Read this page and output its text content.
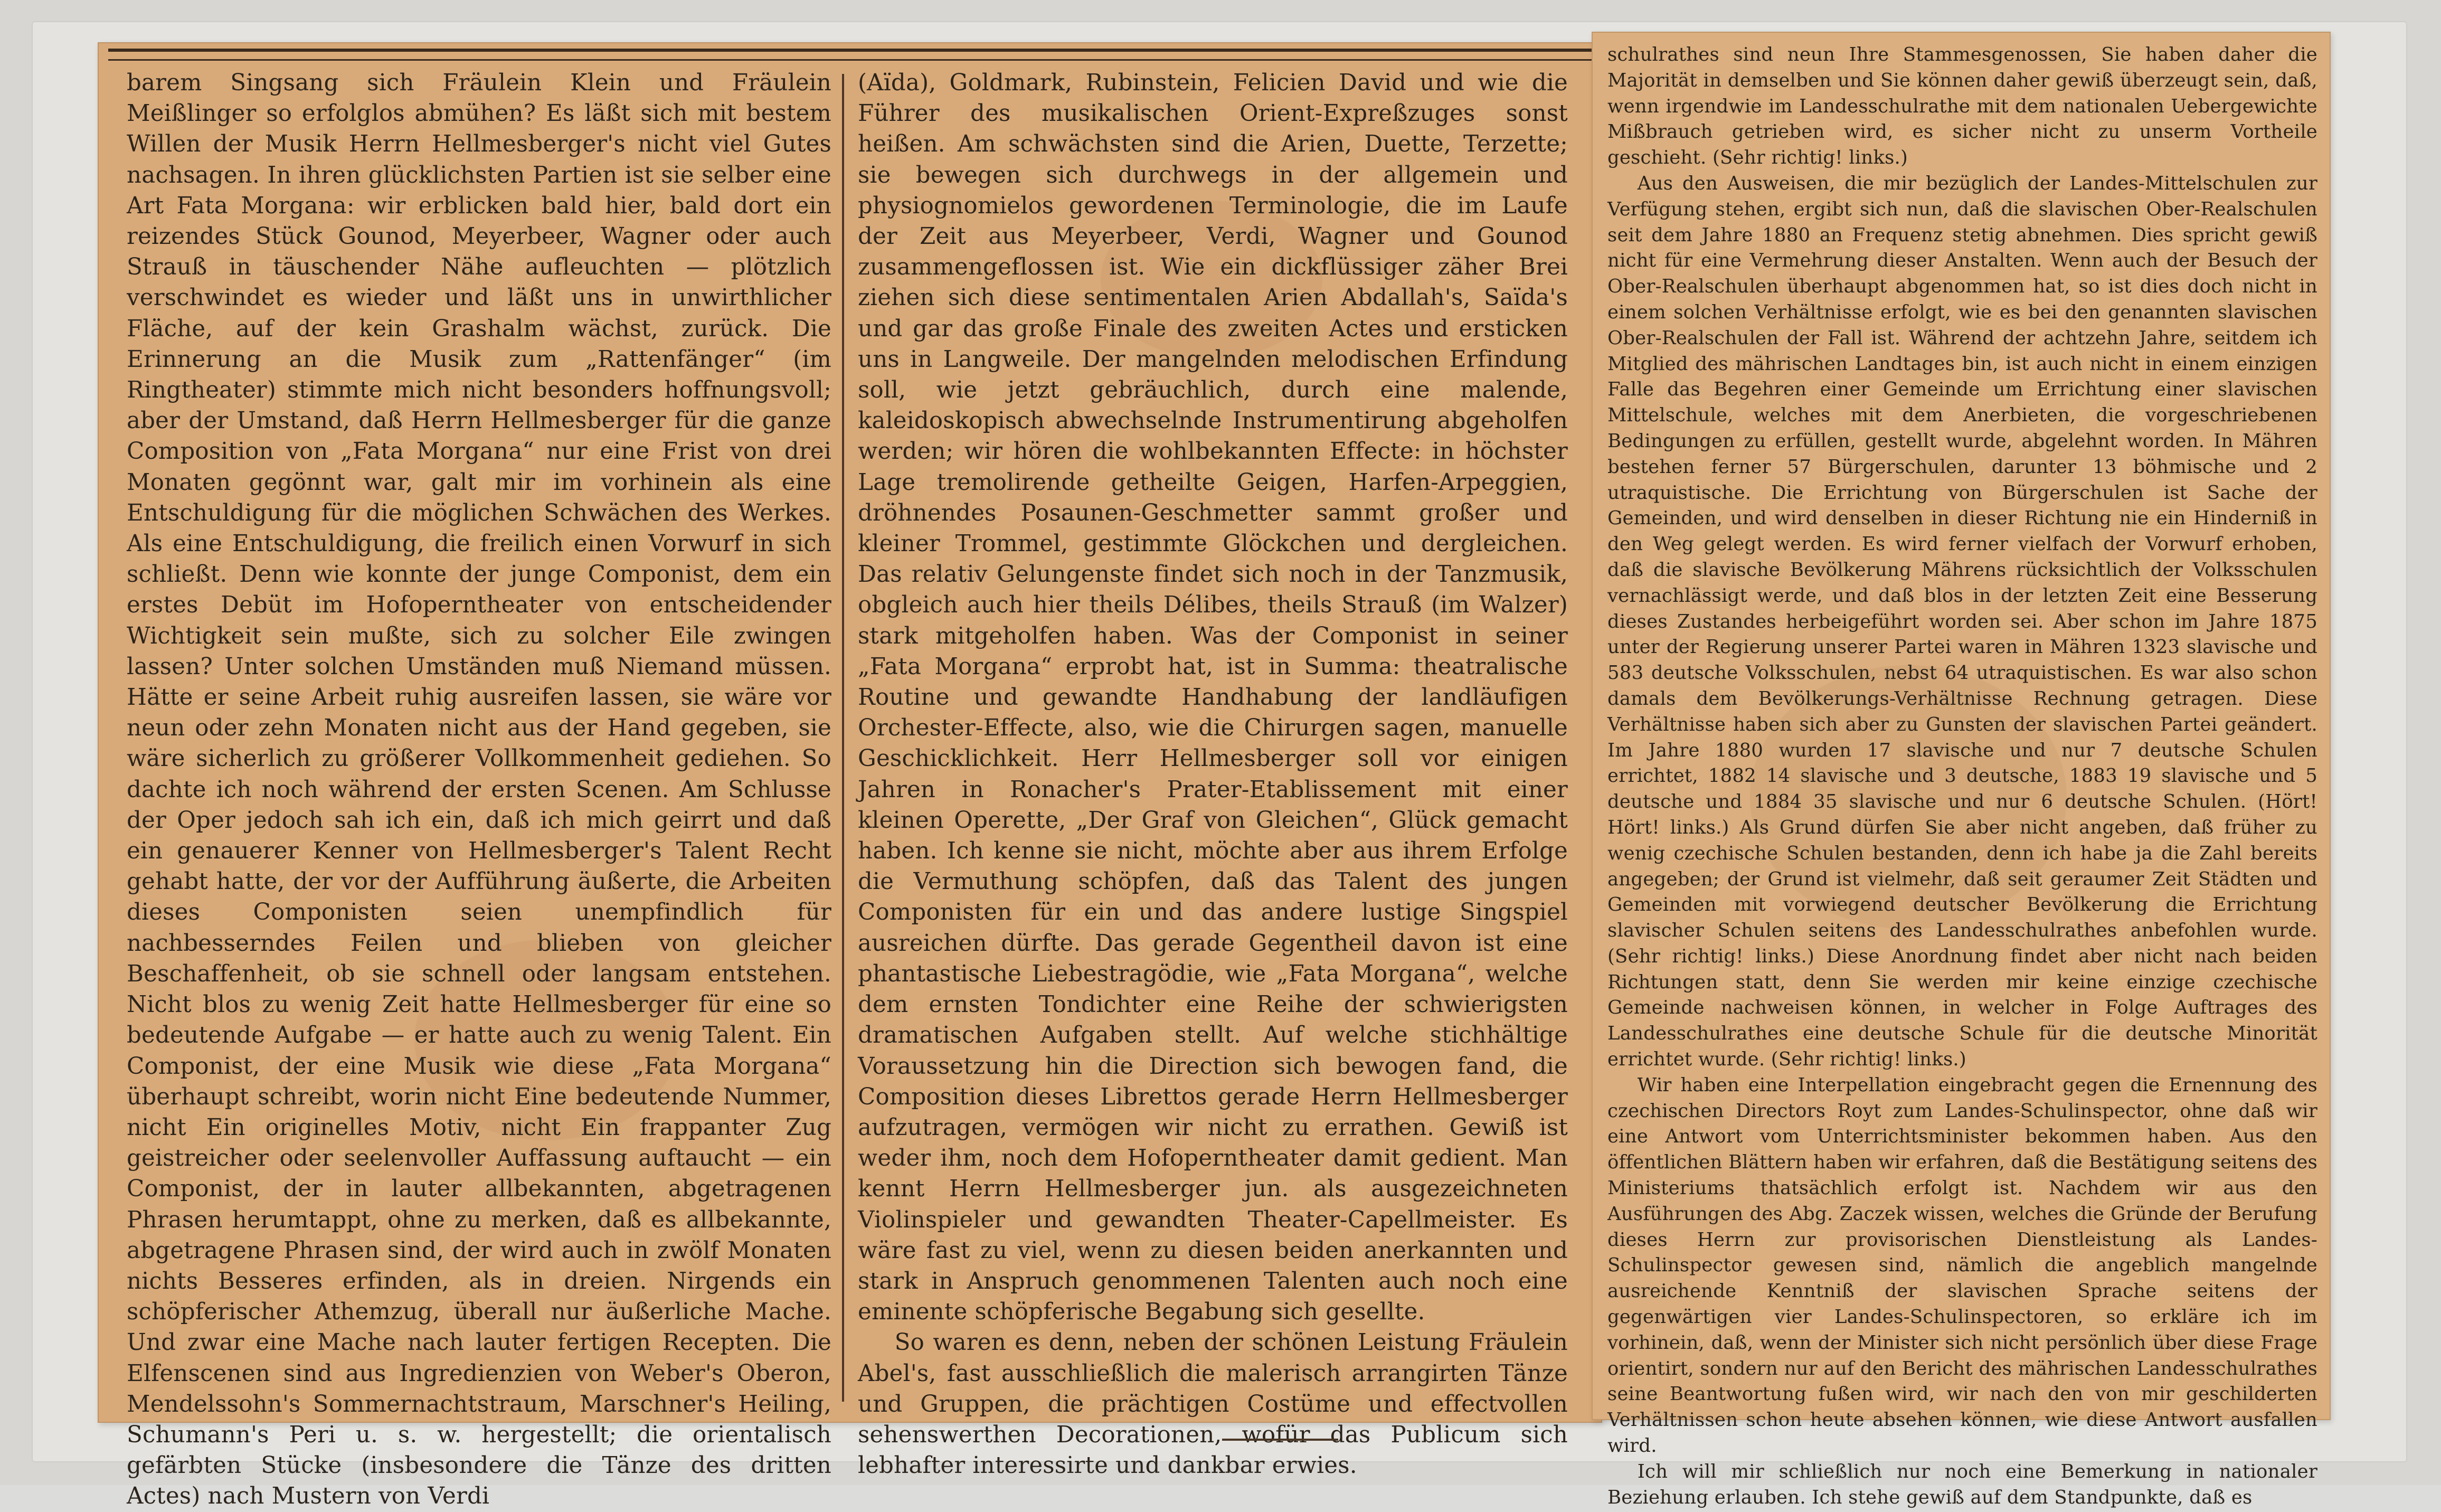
barem Singsang sich Fräulein Klein und Fräulein Meißlinger so erfolglos abmühen? Es läßt sich mit bestem Willen der Musik Herrn Hellmesberger's nicht viel Gutes nachsagen. In ihren glücklichsten Partien ist sie selber eine Art Fata Morgana: wir erblicken bald hier, bald dort ein reizendes Stück Gounod, Meyerbeer, Wagner oder auch Strauß in täuschender Nähe aufleuchten — plötzlich verschwindet es wieder und läßt uns in unwirthlicher Fläche, auf der kein Grashalm wächst, zurück. Die Erinnerung an die Musik zum „Rattenfänger“ (im Ringtheater) stimmte mich nicht besonders hoffnungsvoll; aber der Umstand, daß Herrn Hellmesberger für die ganze Composition von „Fata Morgana“ nur eine Frist von drei Monaten gegönnt war, galt mir im vorhinein als eine Entschuldigung für die möglichen Schwächen des Werkes. Als eine Entschuldigung, die freilich einen Vorwurf in sich schließt. Denn wie konnte der junge Componist, dem ein erstes Debüt im Hofoperntheater von entscheidender Wichtigkeit sein mußte, sich zu solcher Eile zwingen lassen? Unter solchen Umständen muß Niemand müssen. Hätte er seine Arbeit ruhig ausreifen lassen, sie wäre vor neun oder zehn Monaten nicht aus der Hand gegeben, sie wäre sicherlich zu größerer Vollkommenheit gediehen. So dachte ich noch während der ersten Scenen. Am Schlusse der Oper jedoch sah ich ein, daß ich mich geirrt und daß ein genauerer Kenner von Hellmesberger's Talent Recht gehabt hatte, der vor der Aufführung äußerte, die Arbeiten dieses Componisten seien unempfindlich für nachbesserndes Feilen und blieben von gleicher Beschaffenheit, ob sie schnell oder langsam entstehen. Nicht blos zu wenig Zeit hatte Hellmesberger für eine so bedeutende Aufgabe — er hatte auch zu wenig Talent. Ein Componist, der eine Musik wie diese „Fata Morgana“ überhaupt schreibt, worin nicht Eine bedeutende Nummer, nicht Ein originelles Motiv, nicht Ein frappanter Zug geistreicher oder seelenvoller Auffassung auftaucht — ein Componist, der in lauter allbekannten, abgetragenen Phrasen herumtappt, ohne zu merken, daß es allbekannte, abgetragene Phrasen sind, der wird auch in zwölf Monaten nichts Besseres erfinden, als in dreien. Nirgends ein schöpferischer Athemzug, überall nur äußerliche Mache. Und zwar eine Mache nach lauter fertigen Recepten. Die Elfenscenen sind aus Ingredienzien von Weber's Oberon, Mendelssohn's Sommernachtstraum, Marschner's Heiling, Schumann's Peri u. s. w. hergestellt; die orientalisch gefärbten Stücke (insbesondere die Tänze des dritten Actes) nach Mustern von Verdi

(Aïda), Goldmark, Rubinstein, Felicien David und wie die Führer des musikalischen Orient-Expreßzuges sonst heißen. Am schwächsten sind die Arien, Duette, Terzette; sie bewegen sich durchwegs in der allgemein und physiognomielos gewordenen Terminologie, die im Laufe der Zeit aus Meyerbeer, Verdi, Wagner und Gounod zusammengeflossen ist. Wie ein dickflüssiger zäher Brei ziehen sich diese sentimentalen Arien Abdallah's, Saïda's und gar das große Finale des zweiten Actes und ersticken uns in Langweile. Der mangelnden melodischen Erfindung soll, wie jetzt gebräuchlich, durch eine malende, kaleidoskopisch abwechselnde Instrumentirung abgeholfen werden; wir hören die wohlbekannten Effecte: in höchster Lage tremolirende getheilte Geigen, Harfen-Arpeggien, dröhnendes Posaunen-Geschmetter sammt großer und kleiner Trommel, gestimmte Glöckchen und dergleichen. Das relativ Gelungenste findet sich noch in der Tanzmusik, obgleich auch hier theils Délibes, theils Strauß (im Walzer) stark mitgeholfen haben. Was der Componist in seiner „Fata Morgana“ erprobt hat, ist in Summa: theatralische Routine und gewandte Handhabung der landläufigen Orchester-Effecte, also, wie die Chirurgen sagen, manuelle Geschicklichkeit. Herr Hellmesberger soll vor einigen Jahren in Ronacher's Prater-Etablissement mit einer kleinen Operette, „Der Graf von Gleichen“, Glück gemacht haben. Ich kenne sie nicht, möchte aber aus ihrem Erfolge die Vermuthung schöpfen, daß das Talent des jungen Componisten für ein und das andere lustige Singspiel ausreichen dürfte. Das gerade Gegentheil davon ist eine phantastische Liebestragödie, wie „Fata Morgana“, welche dem ernsten Tondichter eine Reihe der schwierigsten dramatischen Aufgaben stellt. Auf welche stichhältige Voraussetzung hin die Direction sich bewogen fand, die Composition dieses Librettos gerade Herrn Hellmesberger aufzutragen, vermögen wir nicht zu errathen. Gewiß ist weder ihm, noch dem Hofoperntheater damit gedient. Man kennt Herrn Hellmesberger jun. als ausgezeichneten Violinspieler und gewandten Theater-Capellmeister. Es wäre fast zu viel, wenn zu diesen beiden anerkannten und stark in Anspruch genommenen Talenten auch noch eine eminente schöpferische Begabung sich gesellte.

So waren es denn, neben der schönen Leistung Fräulein Abel's, fast ausschließlich die malerisch arrangirten Tänze und Gruppen, die prächtigen Costüme und effectvollen sehenswerthen Decorationen, wofür das Publicum sich lebhafter interessirte und dankbar erwies.

schulrathes sind neun Ihre Stammesgenossen, Sie haben daher die Majorität in demselben und Sie können daher gewiß überzeugt sein, daß, wenn irgendwie im Landesschulrathe mit dem nationalen Uebergewichte Mißbrauch getrieben wird, es sicher nicht zu unserm Vortheile geschieht. (Sehr richtig! links.)

Aus den Ausweisen, die mir bezüglich der Landes-Mittelschulen zur Verfügung stehen, ergibt sich nun, daß die slavischen Ober-Realschulen seit dem Jahre 1880 an Frequenz stetig abnehmen. Dies spricht gewiß nicht für eine Vermehrung dieser Anstalten. Wenn auch der Besuch der Ober-Realschulen überhaupt abgenommen hat, so ist dies doch nicht in einem solchen Verhältnisse erfolgt, wie es bei den genannten slavischen Ober-Realschulen der Fall ist. Während der achtzehn Jahre, seitdem ich Mitglied des mährischen Landtages bin, ist auch nicht in einem einzigen Falle das Begehren einer Gemeinde um Errichtung einer slavischen Mittelschule, welches mit dem Anerbieten, die vorgeschriebenen Bedingungen zu erfüllen, gestellt wurde, abgelehnt worden. In Mähren bestehen ferner 57 Bürgerschulen, darunter 13 böhmische und 2 utraquistische. Die Errichtung von Bürgerschulen ist Sache der Gemeinden, und wird denselben in dieser Richtung nie ein Hinderniß in den Weg gelegt werden. Es wird ferner vielfach der Vorwurf erhoben, daß die slavische Bevölkerung Mährens rücksichtlich der Volksschulen vernachlässigt werde, und daß blos in der letzten Zeit eine Besserung dieses Zustandes herbeigeführt worden sei. Aber schon im Jahre 1875 unter der Regierung unserer Partei waren in Mähren 1323 slavische und 583 deutsche Volksschulen, nebst 64 utraquistischen. Es war also schon damals dem Bevölkerungs-Verhältnisse Rechnung getragen. Diese Verhältnisse haben sich aber zu Gunsten der slavischen Partei geändert. Im Jahre 1880 wurden 17 slavische und nur 7 deutsche Schulen errichtet, 1882 14 slavische und 3 deutsche, 1883 19 slavische und 5 deutsche und 1884 35 slavische und nur 6 deutsche Schulen. (Hört! Hört! links.) Als Grund dürfen Sie aber nicht angeben, daß früher zu wenig czechische Schulen bestanden, denn ich habe ja die Zahl bereits angegeben; der Grund ist vielmehr, daß seit geraumer Zeit Städten und Gemeinden mit vorwiegend deutscher Bevölkerung die Errichtung slavischer Schulen seitens des Landesschulrathes anbefohlen wurde. (Sehr richtig! links.) Diese Anordnung findet aber nicht nach beiden Richtungen statt, denn Sie werden mir keine einzige czechische Gemeinde nachweisen können, in welcher in Folge Auftrages des Landesschulrathes eine deutsche Schule für die deutsche Minorität errichtet wurde. (Sehr richtig! links.)

Wir haben eine Interpellation eingebracht gegen die Ernennung des czechischen Directors Royt zum Landes-Schulinspector, ohne daß wir eine Antwort vom Unterrichtsminister bekommen haben. Aus den öffentlichen Blättern haben wir erfahren, daß die Bestätigung seitens des Ministeriums thatsächlich erfolgt ist. Nachdem wir aus den Ausführungen des Abg. Zaczek wissen, welches die Gründe der Berufung dieses Herrn zur provisorischen Dienstleistung als Landes-Schulinspector gewesen sind, nämlich die angeblich mangelnde ausreichende Kenntniß der slavischen Sprache seitens der gegenwärtigen vier Landes-Schulinspectoren, so erkläre ich im vorhinein, daß, wenn der Minister sich nicht persönlich über diese Frage orientirt, sondern nur auf den Bericht des mährischen Landesschulrathes seine Beantwortung fußen wird, wir nach den von mir geschilderten Verhältnissen schon heute absehen können, wie diese Antwort ausfallen wird.

Ich will mir schließlich nur noch eine Bemerkung in nationaler Beziehung erlauben. Ich stehe gewiß auf dem Standpunkte, daß es
